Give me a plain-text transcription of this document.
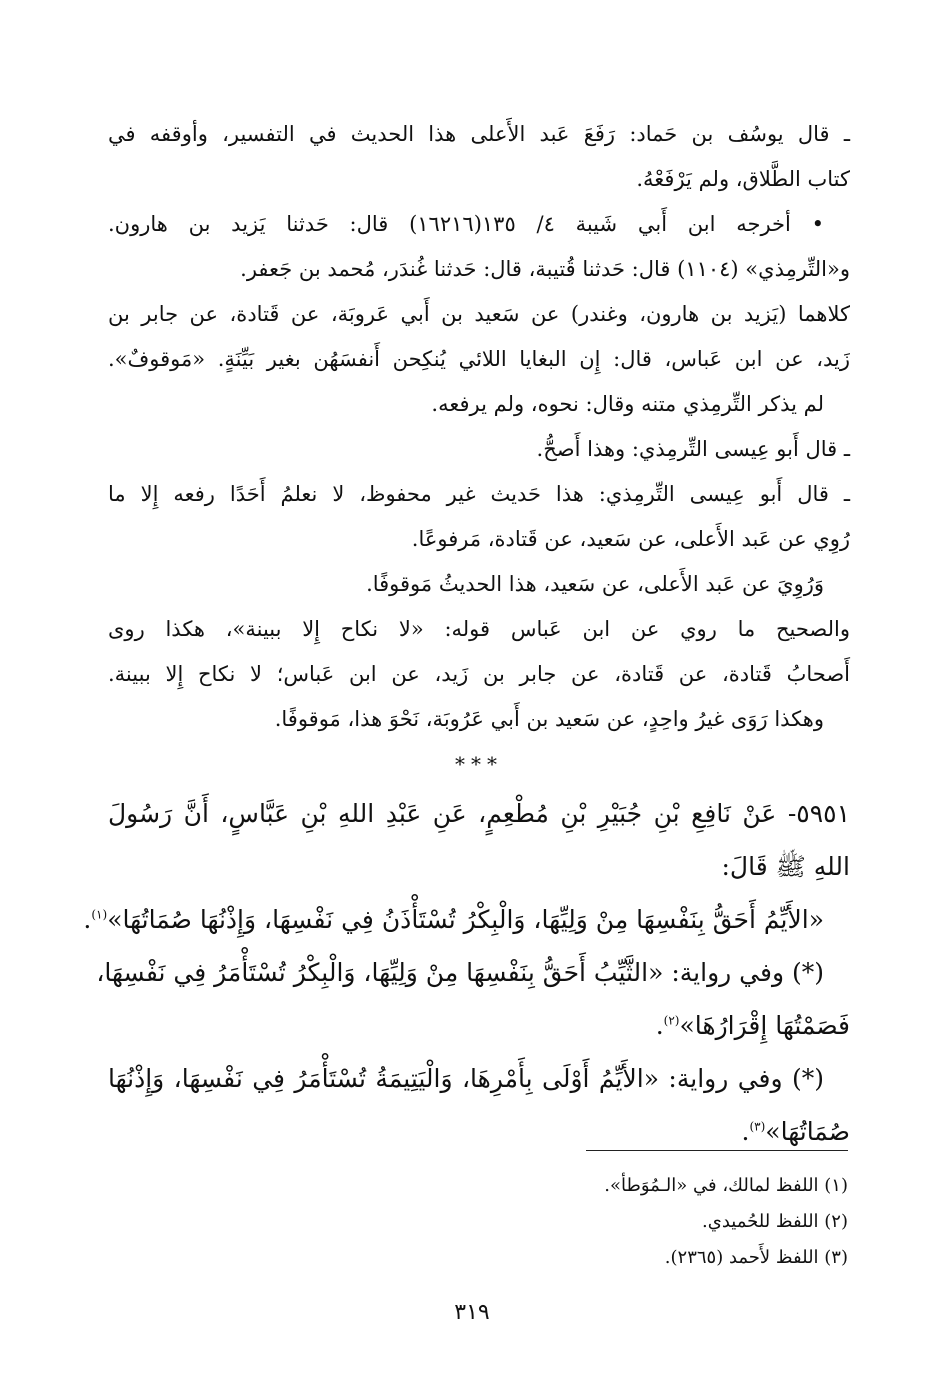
ـ قال يوسُف بن حَماد: رَفَعَ عَبد الأَعلى هذا الحديث في التفسير، وأوقفه في
كتاب الطَّلاق، ولم يَرْفَعْهُ.
• أخرجه ابن أَبي شَيبة ٤/ ١٣٥(١٦٢١٦) قال: حَدثنا يَزيد بن هارون.
و«التِّرمِذي» (١١٠٤) قال: حَدثنا قُتيبة، قال: حَدثنا غُندَر، مُحمد بن جَعفر.
كلاهما (يَزيد بن هارون، وغندر) عن سَعيد بن أَبي عَروبَة، عن قَتادة، عن جابر بن
زَيد، عن ابن عَباس، قال: إِن البغايا اللائي يُنكِحن أَنفسَهُن بغير بَيِّنَةٍ. «مَوقوفٌ».
لم يذكر التِّرمِذي متنه وقال: نحوه، ولم يرفعه.
ـ قال أَبو عِيسى التِّرمِذي: وهذا أَصحُّ.
ـ قال أَبو عِيسى التِّرمِذي: هذا حَديث غير محفوظ، لا نعلمُ أَحَدًا رفعه إِلا ما
رُوِي عن عَبد الأَعلى، عن سَعيد، عن قَتادة، مَرفوعًا.
وَرُوِيَ عن عَبد الأَعلى، عن سَعيد، هذا الحديثُ مَوقوفًا.
والصحيح ما روي عن ابن عَباس قوله: «لا نكاح إِلا ببينة»، هكذا روى
أَصحابُ قَتادة، عن قَتادة، عن جابر بن زَيد، عن ابن عَباس؛ لا نكاح إِلا ببينة.
وهكذا رَوَى غيرُ واحِدٍ، عن سَعيد بن أَبي عَرُوبَة، نَحْوَ هذا، مَوقوفًا.
***
٥٩٥١- عَنْ نَافِعِ بْنِ جُبَيْرِ بْنِ مُطْعِمٍ، عَنِ عَبْدِ اللهِ بْنِ عَبَّاسٍ، أَنَّ رَسُولَ
اللهِ ﷺ قَالَ:
«الأَيِّمُ أَحَقُّ بِنَفْسِهَا مِنْ وَلِيِّهَا، وَالْبِكْرُ تُسْتَأْذَنُ فِي نَفْسِهَا، وَإِذْنُهَا صُمَاتُهَا»$^{(١)}$.
(*) وفي رواية: «الثَّيِّبُ أَحَقُّ بِنَفْسِهَا مِنْ وَلِيِّهَا، وَالْبِكْرُ تُسْتَأْمَرُ فِي نَفْسِهَا،
فَصَمْتُهَا إِقْرَارُهَا»$^{(٢)}$.
(*) وفي رواية: «الأَيِّمُ أَوْلَى بِأَمْرِهَا، وَالْيَتِيمَةُ تُسْتَأْمَرُ فِي نَفْسِهَا، وَإِذْنُهَا
صُمَاتُهَا»$^{(٣)}$.
(١) اللفظ لمالك، في «الـمُوَطأ».
(٢) اللفظ للحُميدي.
(٣) اللفظ لأَحمد (٢٣٦٥).
٣١٩
